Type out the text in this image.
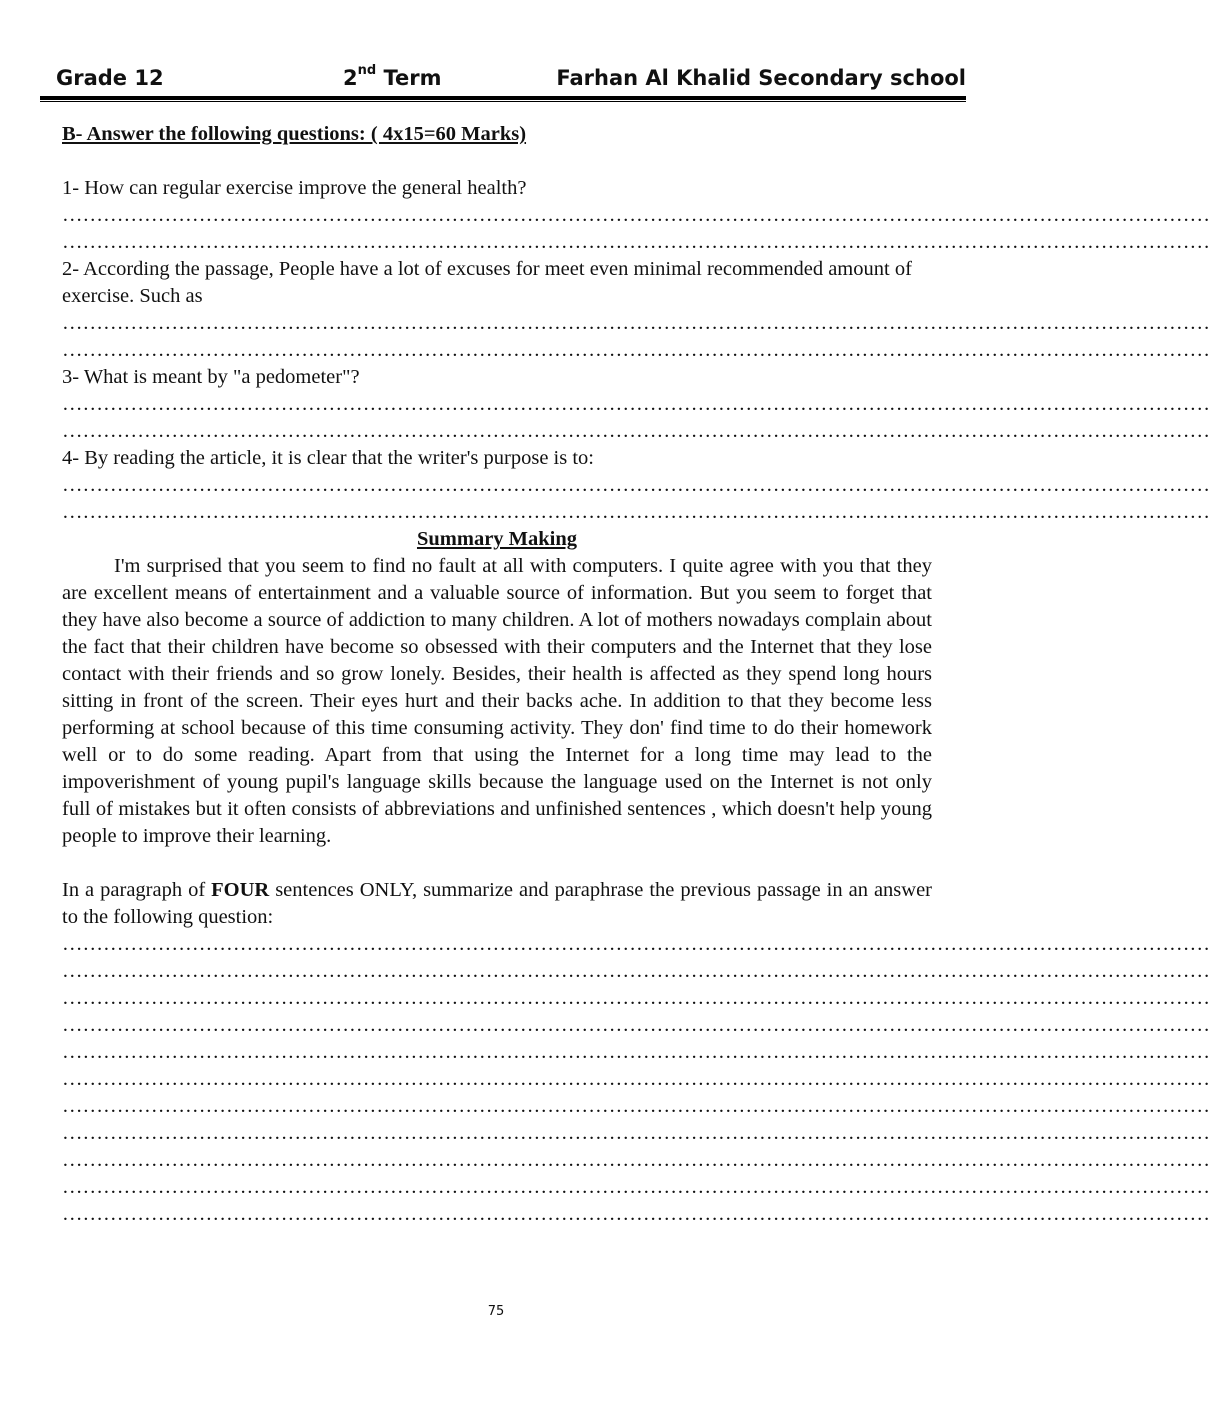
Grade 12	2nd Term	Farhan Al Khalid Secondary school
B- Answer the following questions: ( 4x15=60 Marks)

1- How can regular exercise improve the general health?

……………………………………………………………………………………………………………………………………………………
……………………………………………………………………………………………………………………………………………………

2- According the passage, People have a lot of excuses for meet even minimal recommended amount of exercise. Such as

……………………………………………………………………………………………………………………………………………………
……………………………………………………………………………………………………………………………………………………

3- What is meant by "a pedometer"?

……………………………………………………………………………………………………………………………………………………
……………………………………………………………………………………………………………………………………………………

4- By reading the article, it is clear that the writer's purpose is to:

……………………………………………………………………………………………………………………………………………………
……………………………………………………………………………………………………………………………………………………
Summary Making

I'm surprised that you seem to find no fault at all with computers. I quite agree with you that they are excellent means of entertainment and a valuable source of information. But you seem to forget that they have also become a source of addiction to many children. A lot of mothers nowadays complain about the fact that their children have become so obsessed with their computers and the Internet that they lose contact with their friends and so grow lonely. Besides, their health is affected as they spend long hours sitting in front of the screen. Their eyes hurt and their backs ache. In addition to that they become less performing at school because of this time consuming activity. They don' find time to do their homework well or to do some reading. Apart from that using the Internet for a long time may lead to the impoverishment of young pupil's language skills because the language used on the Internet is not only full of mistakes but it often consists of abbreviations and unfinished sentences , which doesn't help young people to improve their learning.

In a paragraph of FOUR sentences ONLY, summarize and paraphrase the previous passage in an answer to the following question:

……………………………………………………………………………………………………………………………………………………
……………………………………………………………………………………………………………………………………………………
……………………………………………………………………………………………………………………………………………………
……………………………………………………………………………………………………………………………………………………
……………………………………………………………………………………………………………………………………………………
……………………………………………………………………………………………………………………………………………………
……………………………………………………………………………………………………………………………………………………
……………………………………………………………………………………………………………………………………………………
……………………………………………………………………………………………………………………………………………………
……………………………………………………………………………………………………………………………………………………
……………………………………………………………………………………………………………………………………………………
75
